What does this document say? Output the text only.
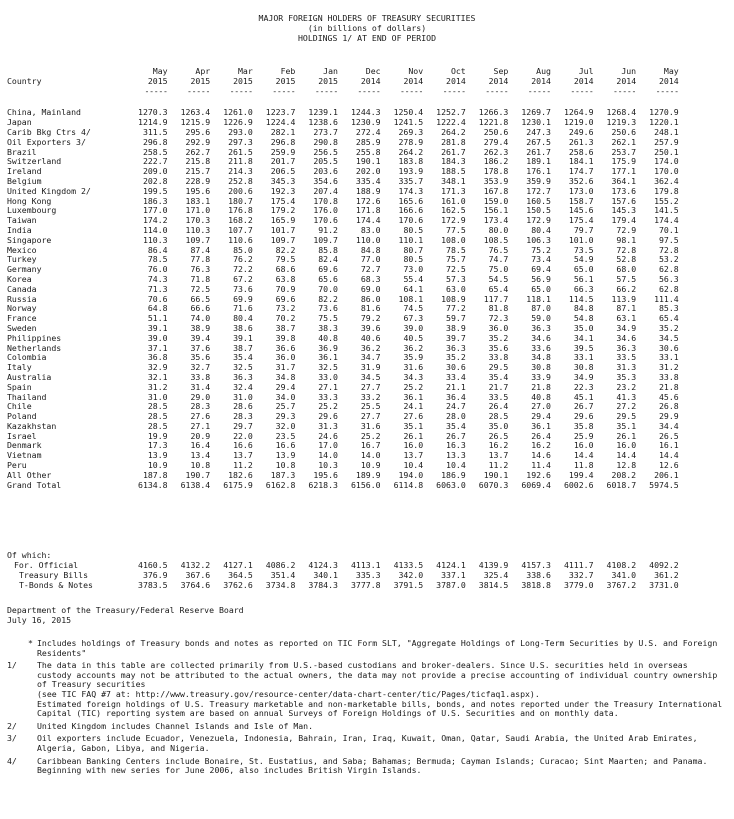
MAJOR FOREIGN HOLDERS OF TREASURY SECURITIES
(in billions of dollars)
HOLDINGS 1/ AT END OF PERIOD
	May	Apr	Mar	Feb	Jan	Dec	Nov	Oct	Sep	Aug	Jul	Jun	May
Country	2015	2015	2015	2015	2015	2014	2014	2014	2014	2014	2014	2014	2014
	-----	-----	-----	-----	-----	-----	-----	-----	-----	-----	-----	-----	-----

China, Mainland	1270.3	1263.4	1261.0	1223.7	1239.1	1244.3	1250.4	1252.7	1266.3	1269.7	1264.9	1268.4	1270.9
Japan	1214.9	1215.9	1226.9	1224.4	1238.6	1230.9	1241.5	1222.4	1221.8	1230.1	1219.0	1219.3	1220.1
Carib Bkg Ctrs 4/	311.5	295.6	293.0	282.1	273.7	272.4	269.3	264.2	250.6	247.3	249.6	250.6	248.1
Oil Exporters 3/	296.8	292.9	297.3	296.8	290.8	285.9	278.9	281.8	279.4	267.5	261.3	262.1	257.9
Brazil	258.5	262.7	261.5	259.9	256.5	255.8	264.2	261.7	262.3	261.7	258.6	253.7	250.1
Switzerland	222.7	215.8	211.8	201.7	205.5	190.1	183.8	184.3	186.2	189.1	184.1	175.9	174.0
Ireland	209.0	215.7	214.3	206.5	203.6	202.0	193.9	188.5	178.8	176.1	174.7	177.1	170.0
Belgium	202.8	228.9	252.8	345.3	354.6	335.4	335.7	348.1	353.9	359.9	352.6	364.1	362.4
United Kingdom 2/	199.5	195.6	200.6	192.3	207.4	188.9	174.3	171.3	167.8	172.7	173.0	173.6	179.8
Hong Kong	186.3	183.1	180.7	175.4	170.8	172.6	165.6	161.0	159.0	160.5	158.7	157.6	155.2
Luxembourg	177.0	171.0	176.8	179.2	176.0	171.8	166.6	162.5	156.1	150.5	145.6	145.3	141.5
Taiwan	174.2	170.3	168.2	165.9	170.6	174.4	170.6	172.9	173.4	172.9	175.4	179.4	174.4
India	114.0	110.3	107.7	101.7	91.2	83.0	80.5	77.5	80.0	80.4	79.7	72.9	70.1
Singapore	110.3	109.7	110.6	109.7	109.7	110.0	110.1	108.0	108.5	106.3	101.0	98.1	97.5
Mexico	86.4	87.4	85.0	82.2	85.8	84.8	80.7	78.5	76.5	75.2	73.5	72.8	72.8
Turkey	78.5	77.8	76.2	79.5	82.4	77.0	80.5	75.7	74.7	73.4	54.9	52.8	53.2
Germany	76.0	76.3	72.2	68.6	69.6	72.7	73.0	72.5	75.0	69.4	65.0	68.0	62.8
Korea	74.3	71.8	67.2	63.8	65.6	68.3	55.4	57.3	54.5	56.9	56.1	57.5	56.3
Canada	71.3	72.5	73.6	70.9	70.0	69.0	64.1	63.0	65.4	65.0	66.3	66.2	62.8
Russia	70.6	66.5	69.9	69.6	82.2	86.0	108.1	108.9	117.7	118.1	114.5	113.9	111.4
Norway	64.8	66.6	71.6	73.2	73.6	81.6	74.5	77.2	81.8	87.0	84.8	87.1	85.3
France	51.1	74.0	80.4	70.2	75.5	79.2	67.3	59.7	72.3	59.0	54.8	63.1	65.4
Sweden	39.1	38.9	38.6	38.7	38.3	39.6	39.0	38.9	36.0	36.3	35.0	34.9	35.2
Philippines	39.0	39.4	39.1	39.8	40.8	40.6	40.5	39.7	35.2	34.6	34.1	34.6	34.5
Netherlands	37.1	37.6	38.7	36.6	36.9	36.2	36.2	36.3	35.6	33.6	39.5	36.3	30.6
Colombia	36.8	35.6	35.4	36.0	36.1	34.7	35.9	35.2	33.8	34.8	33.1	33.5	33.1
Italy	32.9	32.7	32.5	31.7	32.5	31.9	31.6	30.6	29.5	30.8	30.8	31.3	31.2
Australia	32.1	33.8	36.3	34.8	33.0	34.5	34.3	33.4	35.4	33.9	34.9	35.3	33.8
Spain	31.2	31.4	32.4	29.4	27.1	27.7	25.2	21.1	21.7	21.8	22.3	23.2	21.8
Thailand	31.0	29.0	31.0	34.0	33.3	33.2	36.1	36.4	33.5	40.8	45.1	41.3	45.6
Chile	28.5	28.3	28.6	25.7	25.2	25.5	24.1	24.7	26.4	27.0	26.7	27.2	26.8
Poland	28.5	27.6	28.3	29.3	29.6	27.7	27.6	28.0	28.5	29.4	29.6	29.5	29.9
Kazakhstan	28.5	27.1	29.7	32.0	31.3	31.6	35.1	35.4	35.0	36.1	35.8	35.1	34.4
Israel	19.9	20.9	22.0	23.5	24.6	25.2	26.1	26.7	26.5	26.4	25.9	26.1	26.5
Denmark	17.3	16.4	16.6	16.6	17.0	16.7	16.0	16.3	16.2	16.2	16.0	16.0	16.1
Vietnam	13.9	13.4	13.7	13.9	14.0	14.0	13.7	13.3	13.7	14.6	14.4	14.4	14.4
Peru	10.9	10.8	11.2	10.8	10.3	10.9	10.4	10.4	11.2	11.4	11.8	12.8	12.6
All Other	187.8	190.7	182.6	187.3	195.6	189.9	194.0	186.9	190.1	192.6	199.4	208.2	206.1
Grand Total	6134.8	6138.4	6175.9	6162.8	6218.3	6156.0	6114.8	6063.0	6070.3	6069.4	6002.6	6018.7	5974.5
Of which:
For. Official	4160.5	4132.2	4127.1	4086.2	4124.3	4113.1	4133.5	4124.1	4139.9	4157.3	4111.7	4108.2	4092.2
Treasury Bills	376.9	367.6	364.5	351.4	340.1	335.3	342.0	337.1	325.4	338.6	332.7	341.0	361.2
T-Bonds & Notes	3783.5	3764.6	3762.6	3734.8	3784.3	3777.8	3791.5	3787.0	3814.5	3818.8	3779.0	3767.2	3731.0
Department of the Treasury/Federal Reserve Board
July 16, 2015
* Includes holdings of Treasury bonds and notes as reported on TIC Form SLT, "Aggregate Holdings of Long-Term Securities by U.S. and Foreign Residents"

1/	The data in this table are collected primarily from U.S.-based custodians and broker-dealers. Since U.S. securities held in overseas custody accounts may not be attributed to the actual owners, the data may not provide a precise accounting of individual country ownership of Treasury securities

(see TIC FAQ #7 at: http://www.treasury.gov/resource-center/data-chart-center/tic/Pages/ticfaq1.aspx).

Estimated foreign holdings of U.S. Treasury marketable and non-marketable bills, bonds, and notes reported under the Treasury International Capital (TIC) reporting system are based on annual Surveys of Foreign Holdings of U.S. Securities and on monthly data.

2/	United Kingdom includes Channel Islands and Isle of Man.

3/	Oil exporters include Ecuador, Venezuela, Indonesia, Bahrain, Iran, Iraq, Kuwait, Oman, Qatar, Saudi Arabia, the United Arab Emirates, Algeria, Gabon, Libya, and Nigeria.

4/	Caribbean Banking Centers include Bonaire, St. Eustatius, and Saba; Bahamas; Bermuda; Cayman Islands; Curacao; Sint Maarten; and Panama.

Beginning with new series for June 2006, also includes British Virgin Islands.
